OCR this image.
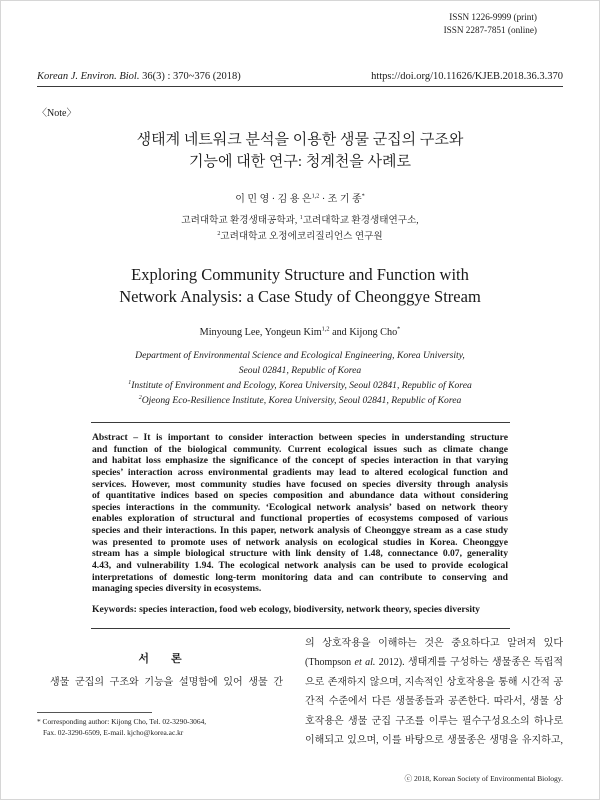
ISSN 1226-9999 (print)
ISSN 2287-7851 (online)
Korean J. Environ. Biol. 36(3) : 370~376 (2018)	https://doi.org/10.11626/KJEB.2018.36.3.370
〈Note〉
생태계 네트워크 분석을 이용한 생물 군집의 구조와
기능에 대한 연구: 청계천을 사례로
이 민 영 · 김 용 은$^{1,2}$ · 조 기 종*
고려대학교 환경생태공학과, $^1$고려대학교 환경생태연구소,
$^2$고려대학교 오정에코리질리언스 연구원
Exploring Community Structure and Function with
Network Analysis: a Case Study of Cheonggye Stream
Minyoung Lee, Yongeun Kim$^{1,2}$ and Kijong Cho*
Department of Environmental Science and Ecological Engineering, Korea University,
Seoul 02841, Republic of Korea
$^1$Institute of Environment and Ecology, Korea University, Seoul 02841, Republic of Korea
$^2$Ojeong Eco-Resilience Institute, Korea University, Seoul 02841, Republic of Korea
Abstract – It is important to consider interaction between species in understanding structure
and function of the biological community. Current ecological issues such as climate change
and habitat loss emphasize the significance of the concept of species interaction in that varying
species’ interaction across environmental gradients may lead to altered ecological function and
services. However, most community studies have focused on species diversity through analysis
of quantitative indices based on species composition and abundance data without considering
species interactions in the community. ‘Ecological network analysis’ based on network theory
enables exploration of structural and functional properties of ecosystems composed of various
species and their interactions. In this paper, network analysis of Cheonggye stream as a case study
was presented to promote uses of network analysis on ecological studies in Korea. Cheonggye
stream has a simple biological structure with link density of 1.48, connectance 0.07, generality
4.43, and vulnerability 1.94. The ecological network analysis can be used to provide ecological
interpretations of domestic long-term monitoring data and can contribute to conserving and
managing species diversity in ecosystems.
Keywords: species interaction, food web ecology, biodiversity, network theory, species diversity
서　　론
생물 군집의 구조와 기능을 설명함에 있어 생물 간
* Corresponding author: Kijong Cho, Tel. 02-3290-3064,
Fax. 02-3290-6509, E-mail. kjcho@korea.ac.kr
의 상호작용을 이해하는 것은 중요하다고 알려져 있다
(Thompson et al. 2012). 생태계를 구성하는 생물종은 독립적
으로 존재하지 않으며, 지속적인 상호작용을 통해 시간적 공
간적 수준에서 다른 생물종들과 공존한다. 따라서, 생물 상
호작용은 생물 군집 구조를 이루는 필수구성요소의 하나로
이해되고 있으며, 이를 바탕으로 생물종은 생명을 유지하고,
ⓒ 2018, Korean Society of Environmental Biology.
